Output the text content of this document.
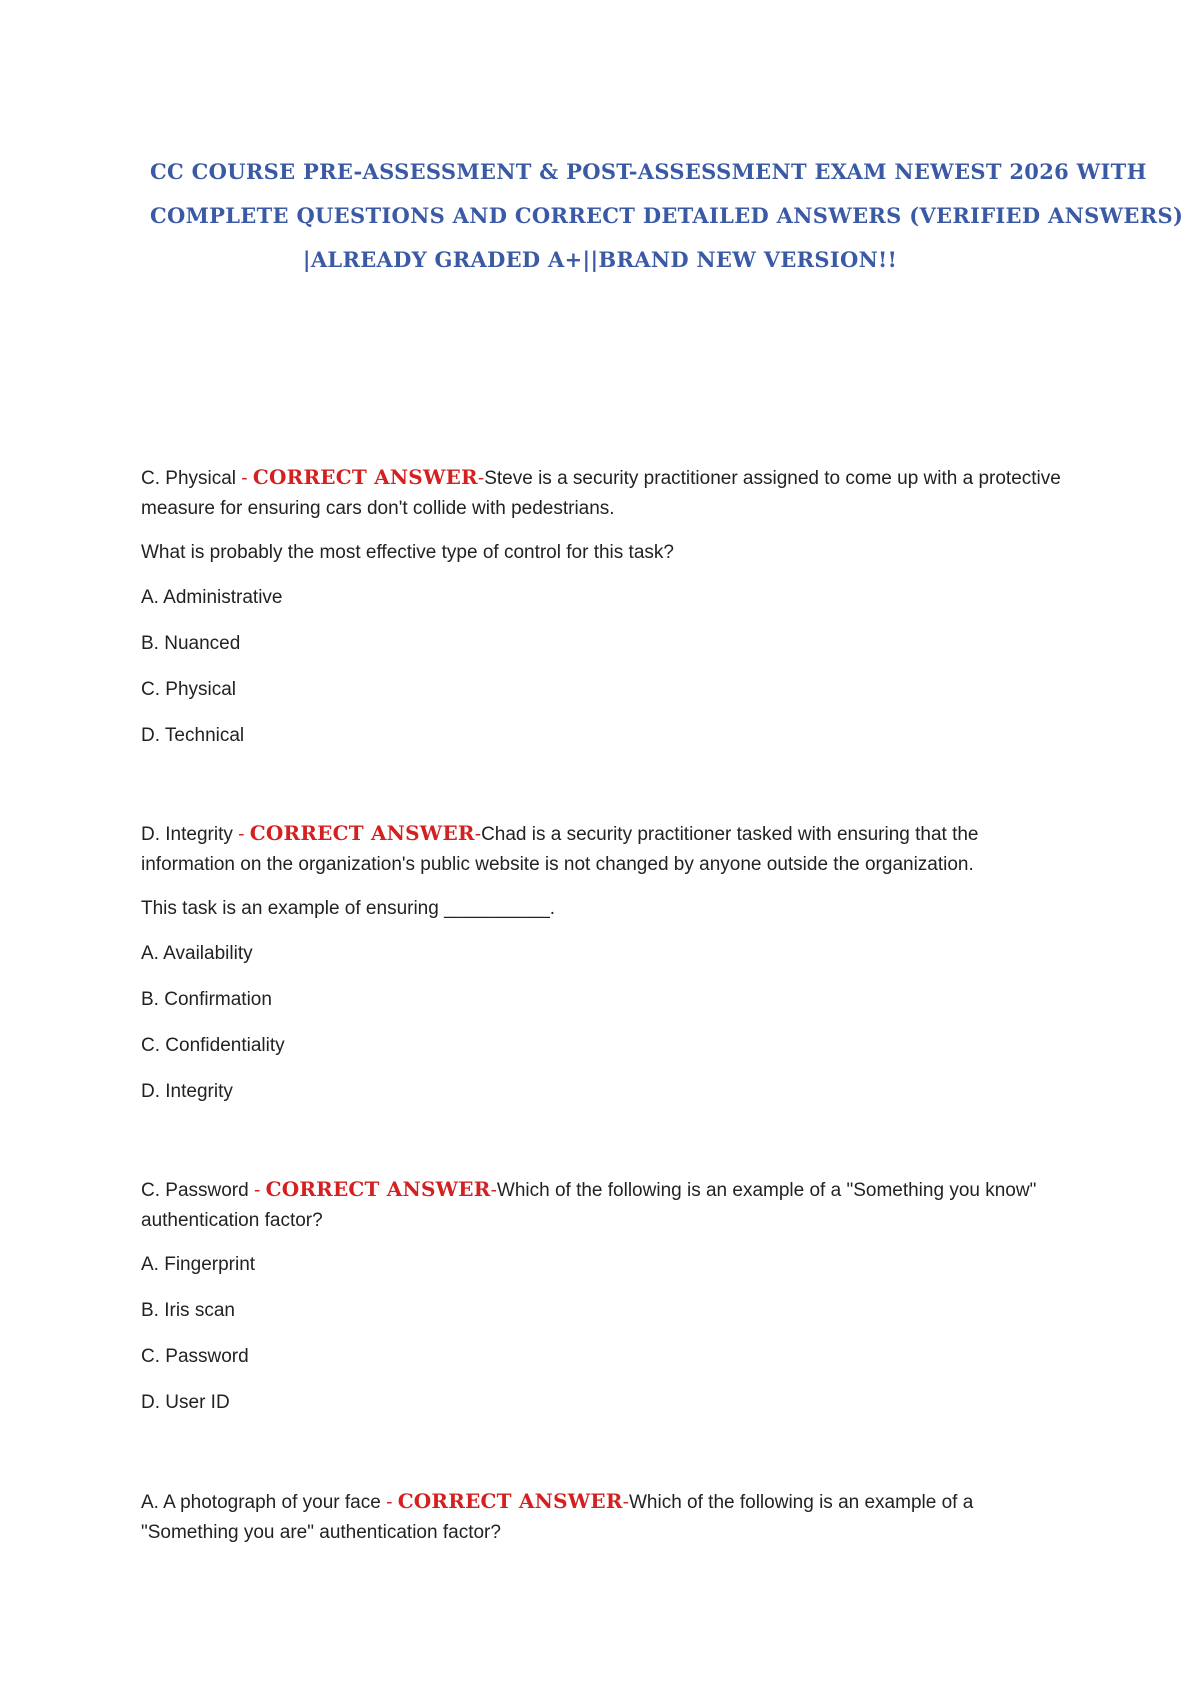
CC COURSE PRE-ASSESSMENT & POST-ASSESSMENT EXAM NEWEST 2026 WITH
COMPLETE QUESTIONS AND CORRECT DETAILED ANSWERS (VERIFIED ANSWERS)
|ALREADY GRADED A+||BRAND NEW VERSION!!

C. Physical - CORRECT ANSWER-Steve is a security practitioner assigned to come up with a protective measure for ensuring cars don't collide with pedestrians.

What is probably the most effective type of control for this task?

A. Administrative

B. Nuanced

C. Physical

D. Technical

D. Integrity - CORRECT ANSWER-Chad is a security practitioner tasked with ensuring that the information on the organization's public website is not changed by anyone outside the organization.

This task is an example of ensuring __________.

A. Availability

B. Confirmation

C. Confidentiality

D. Integrity

C. Password - CORRECT ANSWER-Which of the following is an example of a "Something you know" authentication factor?

A. Fingerprint

B. Iris scan

C. Password

D. User ID

A. A photograph of your face - CORRECT ANSWER-Which of the following is an example of a "Something you are" authentication factor?
